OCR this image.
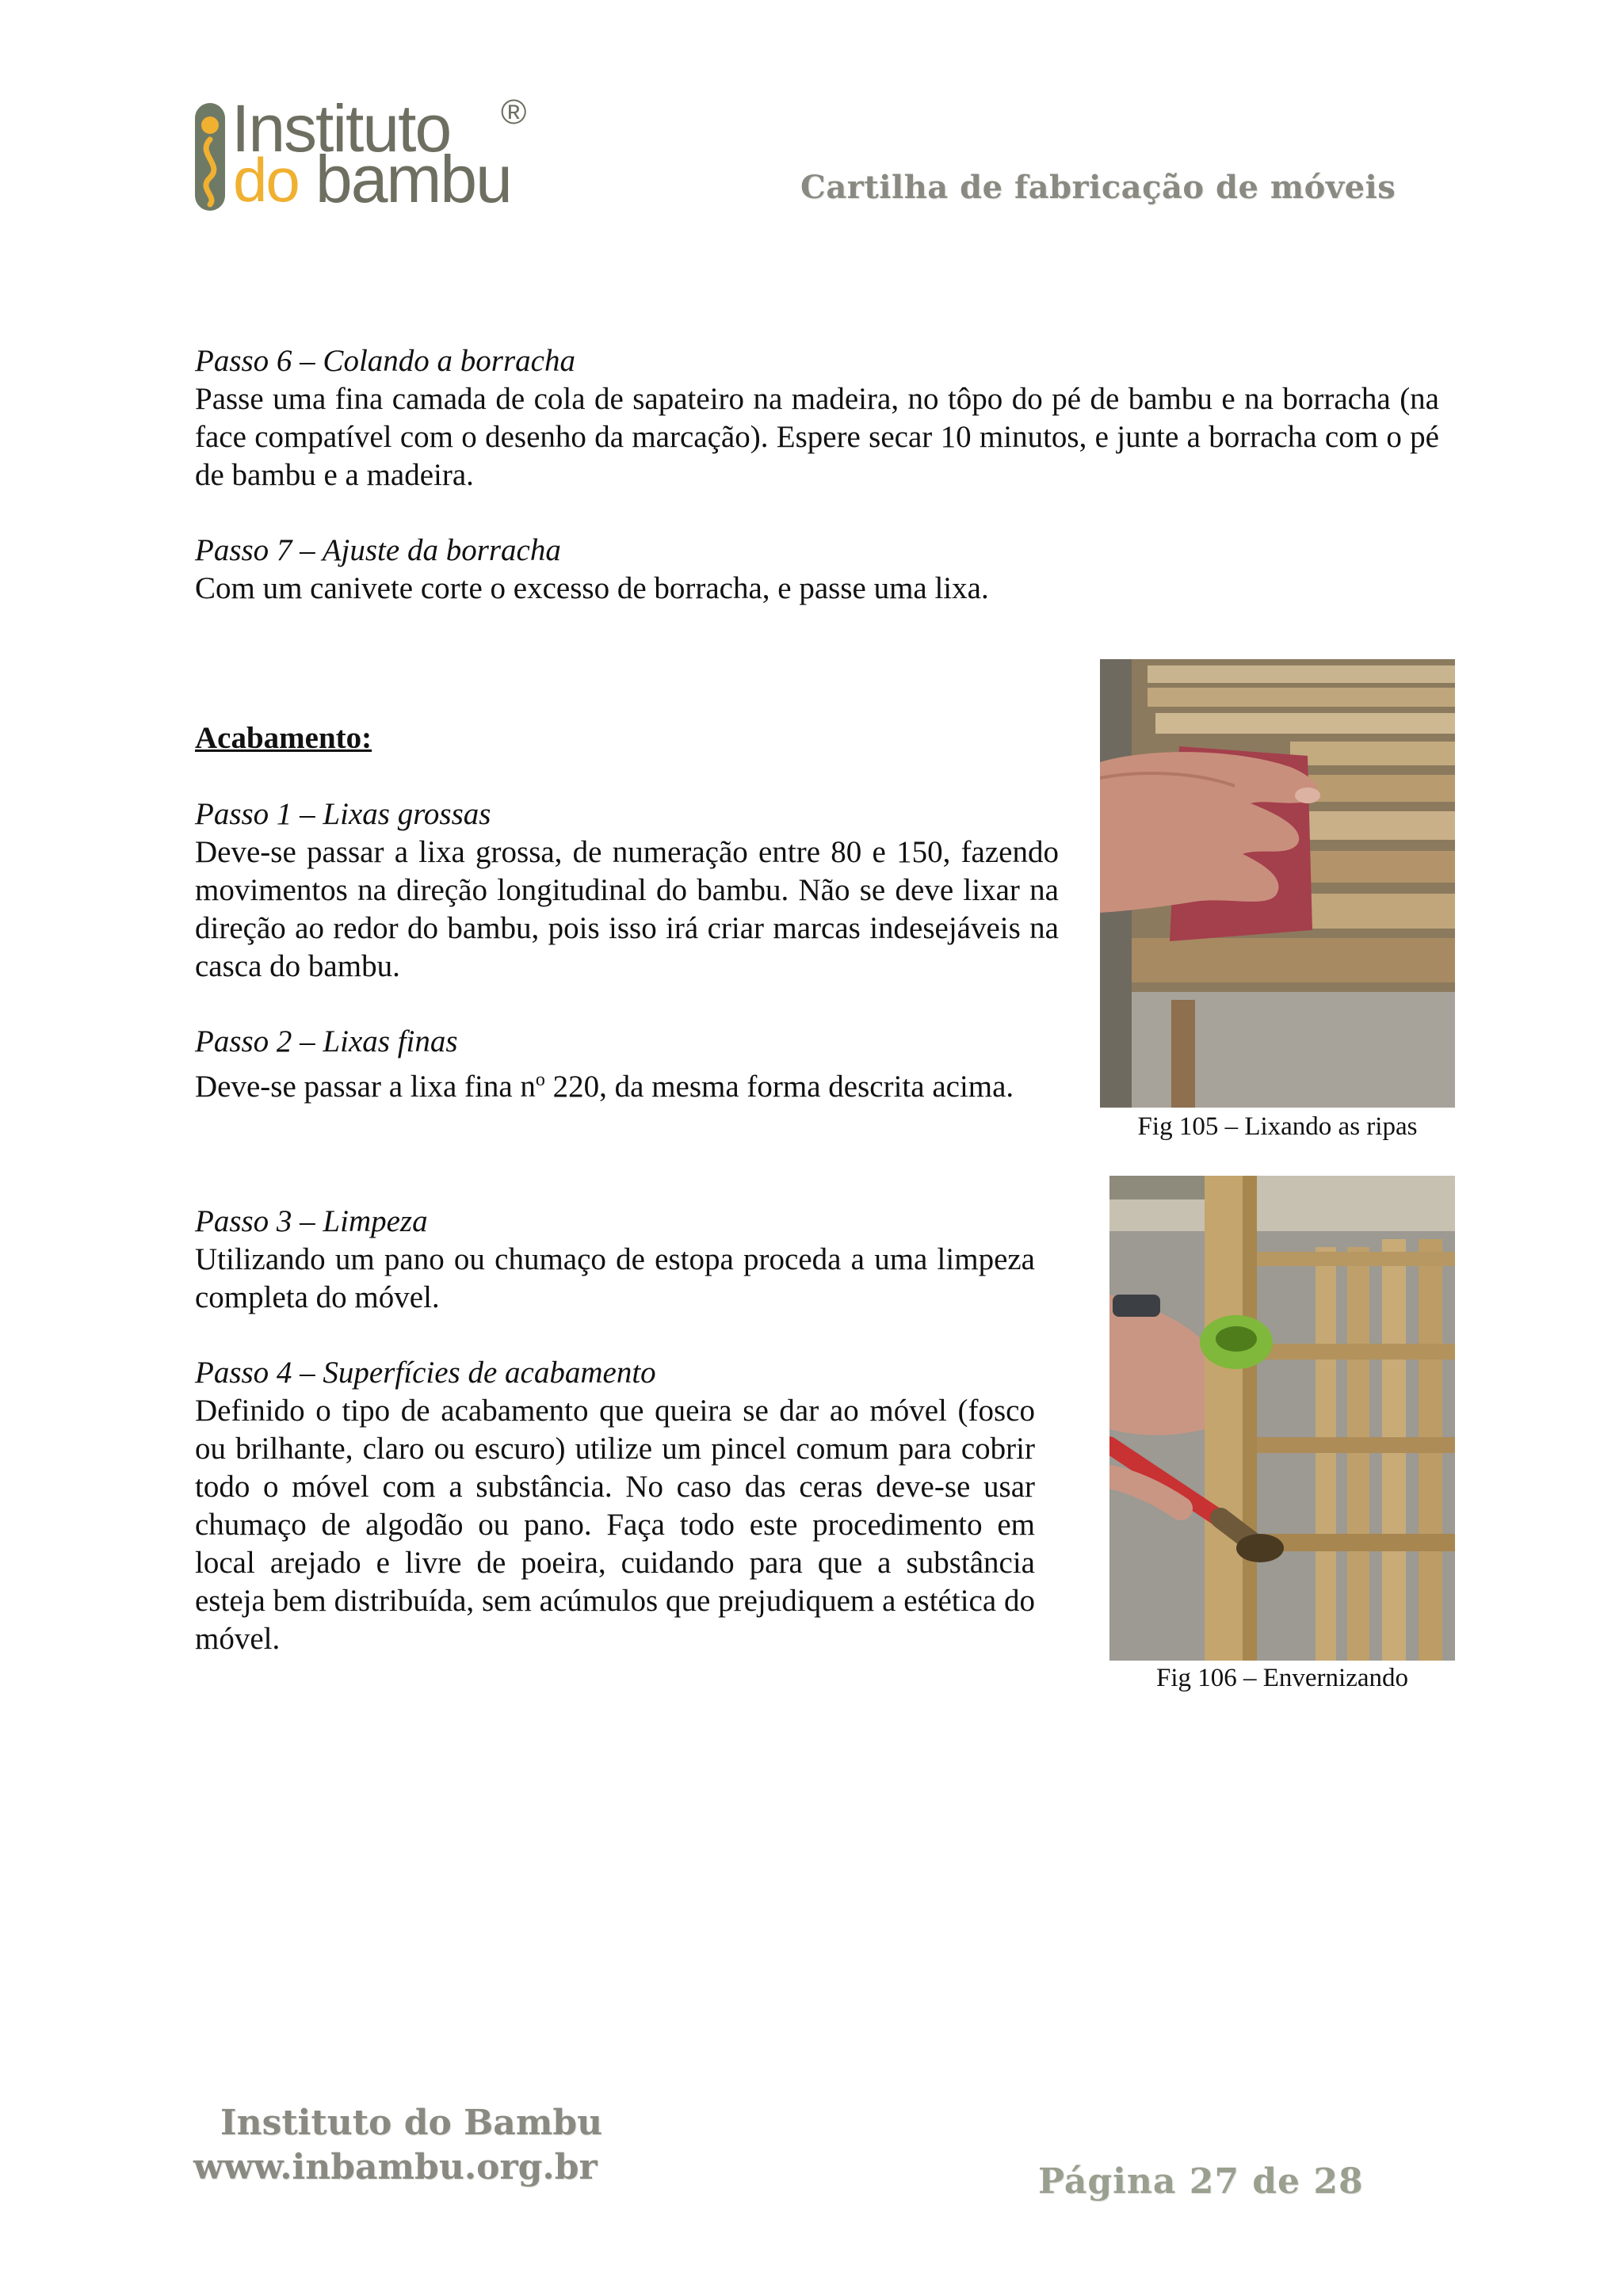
Instituto
do bambu
®
Cartilha de fabricação de móveis
Passo 6 – Colando a borracha
Passe uma fina camada de cola de sapateiro na madeira, no tôpo do pé de bambu e na borracha (na face compatível com o desenho da marcação). Espere secar 10 minutos, e junte a borracha com o pé de bambu e a madeira.
Passo 7 – Ajuste da borracha
Com um canivete corte o excesso de borracha, e passe uma lixa.
Acabamento:
Passo 1 – Lixas grossas
Deve-se passar a lixa grossa, de numeração entre 80 e 150, fazendo movimentos na direção longitudinal do bambu. Não se deve lixar na direção ao redor do bambu, pois isso irá criar marcas indesejáveis na casca do bambu.
Passo 2 – Lixas finas
Deve-se passar a lixa fina $n^o$ 220, da mesma forma descrita acima.
Passo 3 – Limpeza
Utilizando um pano ou chumaço de estopa proceda a uma limpeza completa do móvel.
Passo 4 – Superfícies de acabamento
Definido o tipo de acabamento que queira se dar ao móvel (fosco ou brilhante, claro ou escuro) utilize um pincel comum para cobrir todo o móvel com a substância. No caso das ceras deve-se usar chumaço de algodão ou pano. Faça todo este procedimento em local arejado e livre de poeira, cuidando para que a substância esteja bem distribuída, sem acúmulos que prejudiquem a estética do móvel.
Fig 105 – Lixando as ripas
Fig 106 – Envernizando
Instituto do Bambu
www.inbambu.org.br	Página 27 de 28
